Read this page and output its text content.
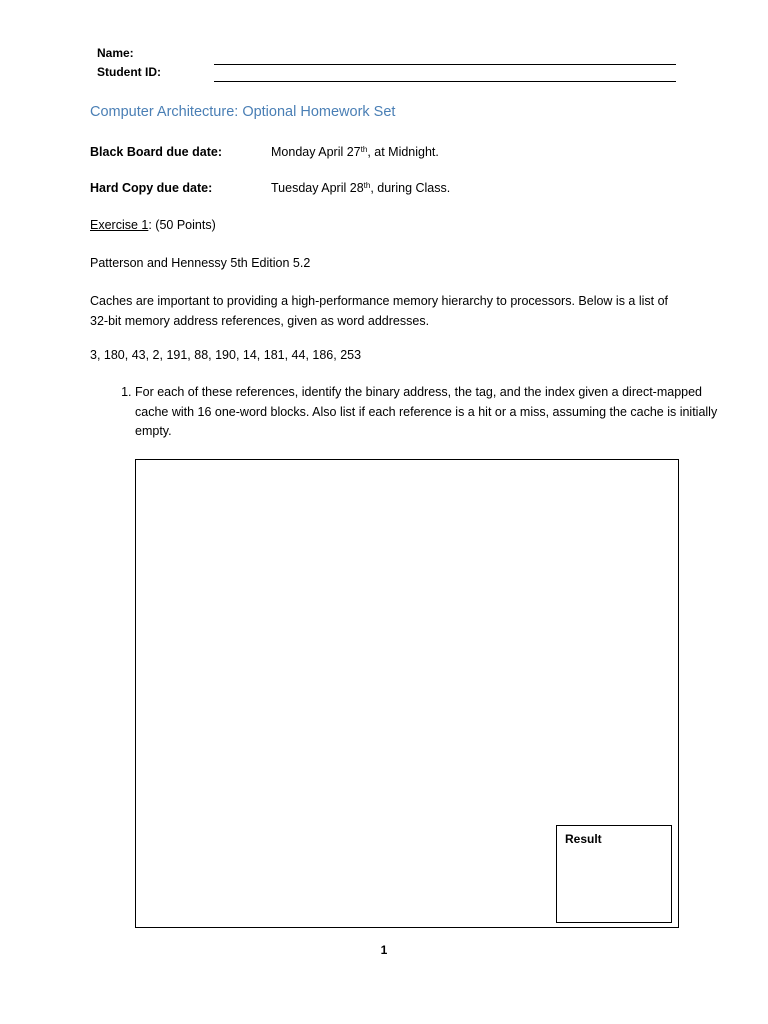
Name:
Student ID:
Computer Architecture: Optional Homework Set
Black Board due date:	Monday April 27th, at Midnight.
Hard Copy due date:	Tuesday April 28th, during Class.
Exercise 1: (50 Points)
Patterson and Hennessy 5th Edition 5.2
Caches are important to providing a high-performance memory hierarchy to processors. Below is a list of 32-bit memory address references, given as word addresses.
3, 180, 43, 2, 191, 88, 190, 14, 181, 44, 186, 253
1. For each of these references, identify the binary address, the tag, and the index given a direct-mapped cache with 16 one-word blocks. Also list if each reference is a hit or a miss, assuming the cache is initially empty.
Result
1
